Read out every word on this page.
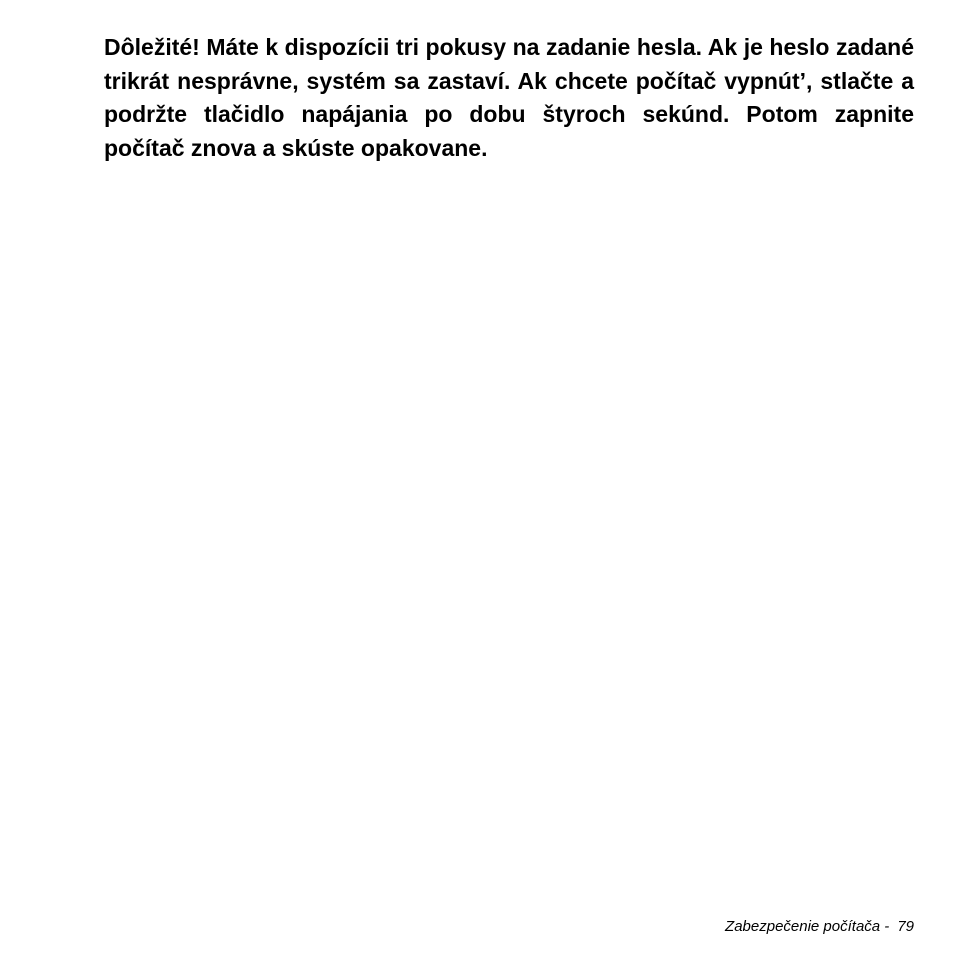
Dôležité! Máte k dispozícii tri pokusy na zadanie hesla. Ak je heslo zadané trikrát nesprávne, systém sa zastaví. Ak chcete počítač vypnút’, stlačte a podržte tlačidlo napájania po dobu štyroch sekúnd. Potom zapnite počítač znova a skúste opakovane.

Zabezpečenie počítača - 79
